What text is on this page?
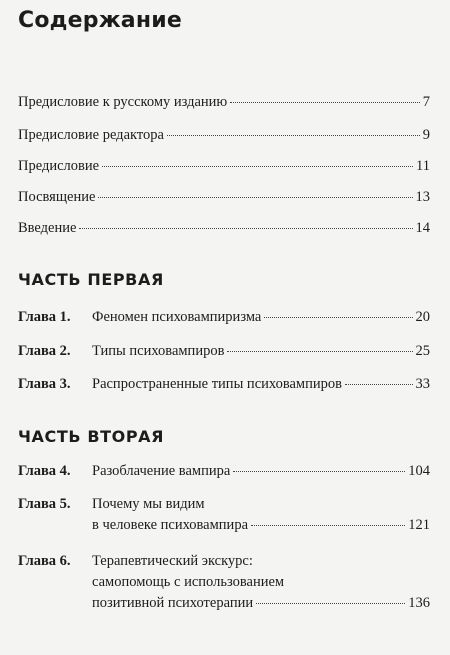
Содержание
Предисловие к русскому изданию	7
Предисловие редактора	9
Предисловие	11
Посвящение	13
Введение	14
ЧАСТЬ ПЕРВАЯ
Глава 1.	Феномен психовампиризма	20
Глава 2.	Типы психовампиров	25
Глава 3.	Распространенные типы психовампиров	33
ЧАСТЬ ВТОРАЯ
Глава 4.	Разоблачение вампира	104
Глава 5.	Почему мы видим
в человеке психовампира	121
Глава 6.	Терапевтический экскурс:
самопомощь с использованием
позитивной психотерапии	136
